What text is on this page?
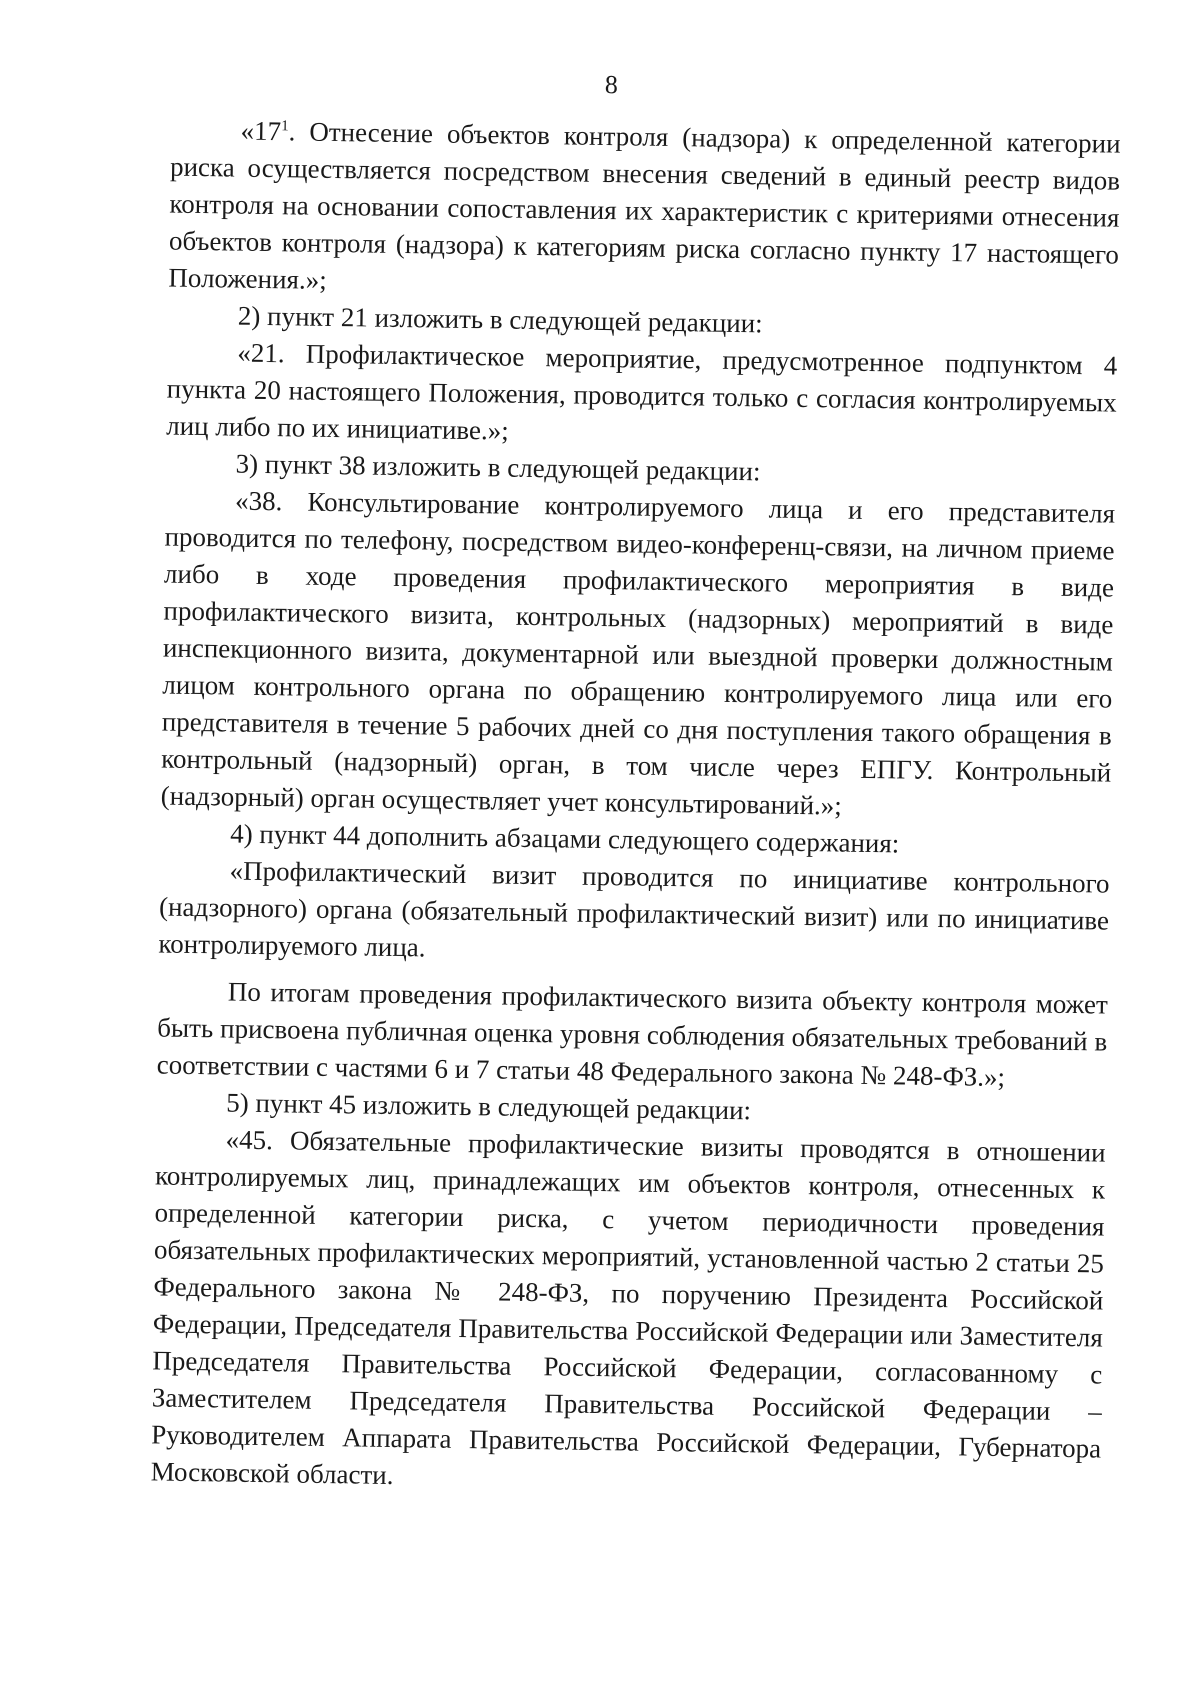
8

«$17^1$. Отнесение объектов контроля (надзора) к определенной категории риска осуществляется посредством внесения сведений в единый реестр видов контроля на основании сопоставления их характеристик с критериями отнесения объектов контроля (надзора) к категориям риска согласно пункту 17 настоящего Положения.»;

2) пункт 21 изложить в следующей редакции:

«21. Профилактическое мероприятие, предусмотренное подпунктом 4 пункта 20 настоящего Положения, проводится только с согласия контролируемых лиц либо по их инициативе.»;

3) пункт 38 изложить в следующей редакции:

«38. Консультирование контролируемого лица и его представителя проводится по телефону, посредством видео-конференц-связи, на личном приеме либо в ходе проведения профилактического мероприятия в виде профилактического визита, контрольных (надзорных) мероприятий в виде инспекционного визита, документарной или выездной проверки должностным лицом контрольного органа по обращению контролируемого лица или его представителя в течение 5 рабочих дней со дня поступления такого обращения в контрольный (надзорный) орган, в том числе через ЕПГУ. Контрольный (надзорный) орган осуществляет учет консультирований.»;

4) пункт 44 дополнить абзацами следующего содержания:

«Профилактический визит проводится по инициативе контрольного (надзорного) органа (обязательный профилактический визит) или по инициативе контролируемого лица.

По итогам проведения профилактического визита объекту контроля может быть присвоена публичная оценка уровня соблюдения обязательных требований в соответствии с частями 6 и 7 статьи 48 Федерального закона № 248-ФЗ.»;

5) пункт 45 изложить в следующей редакции:

«45. Обязательные профилактические визиты проводятся в отношении контролируемых лиц, принадлежащих им объектов контроля, отнесенных к определенной категории риска, с учетом периодичности проведения обязательных профилактических мероприятий, установленной частью 2 статьи 25 Федерального закона № 248-ФЗ, по поручению Президента Российской Федерации, Председателя Правительства Российской Федерации или Заместителя Председателя Правительства Российской Федерации, согласованному с Заместителем Председателя Правительства Российской Федерации – Руководителем Аппарата Правительства Российской Федерации, Губернатора Московской области.
